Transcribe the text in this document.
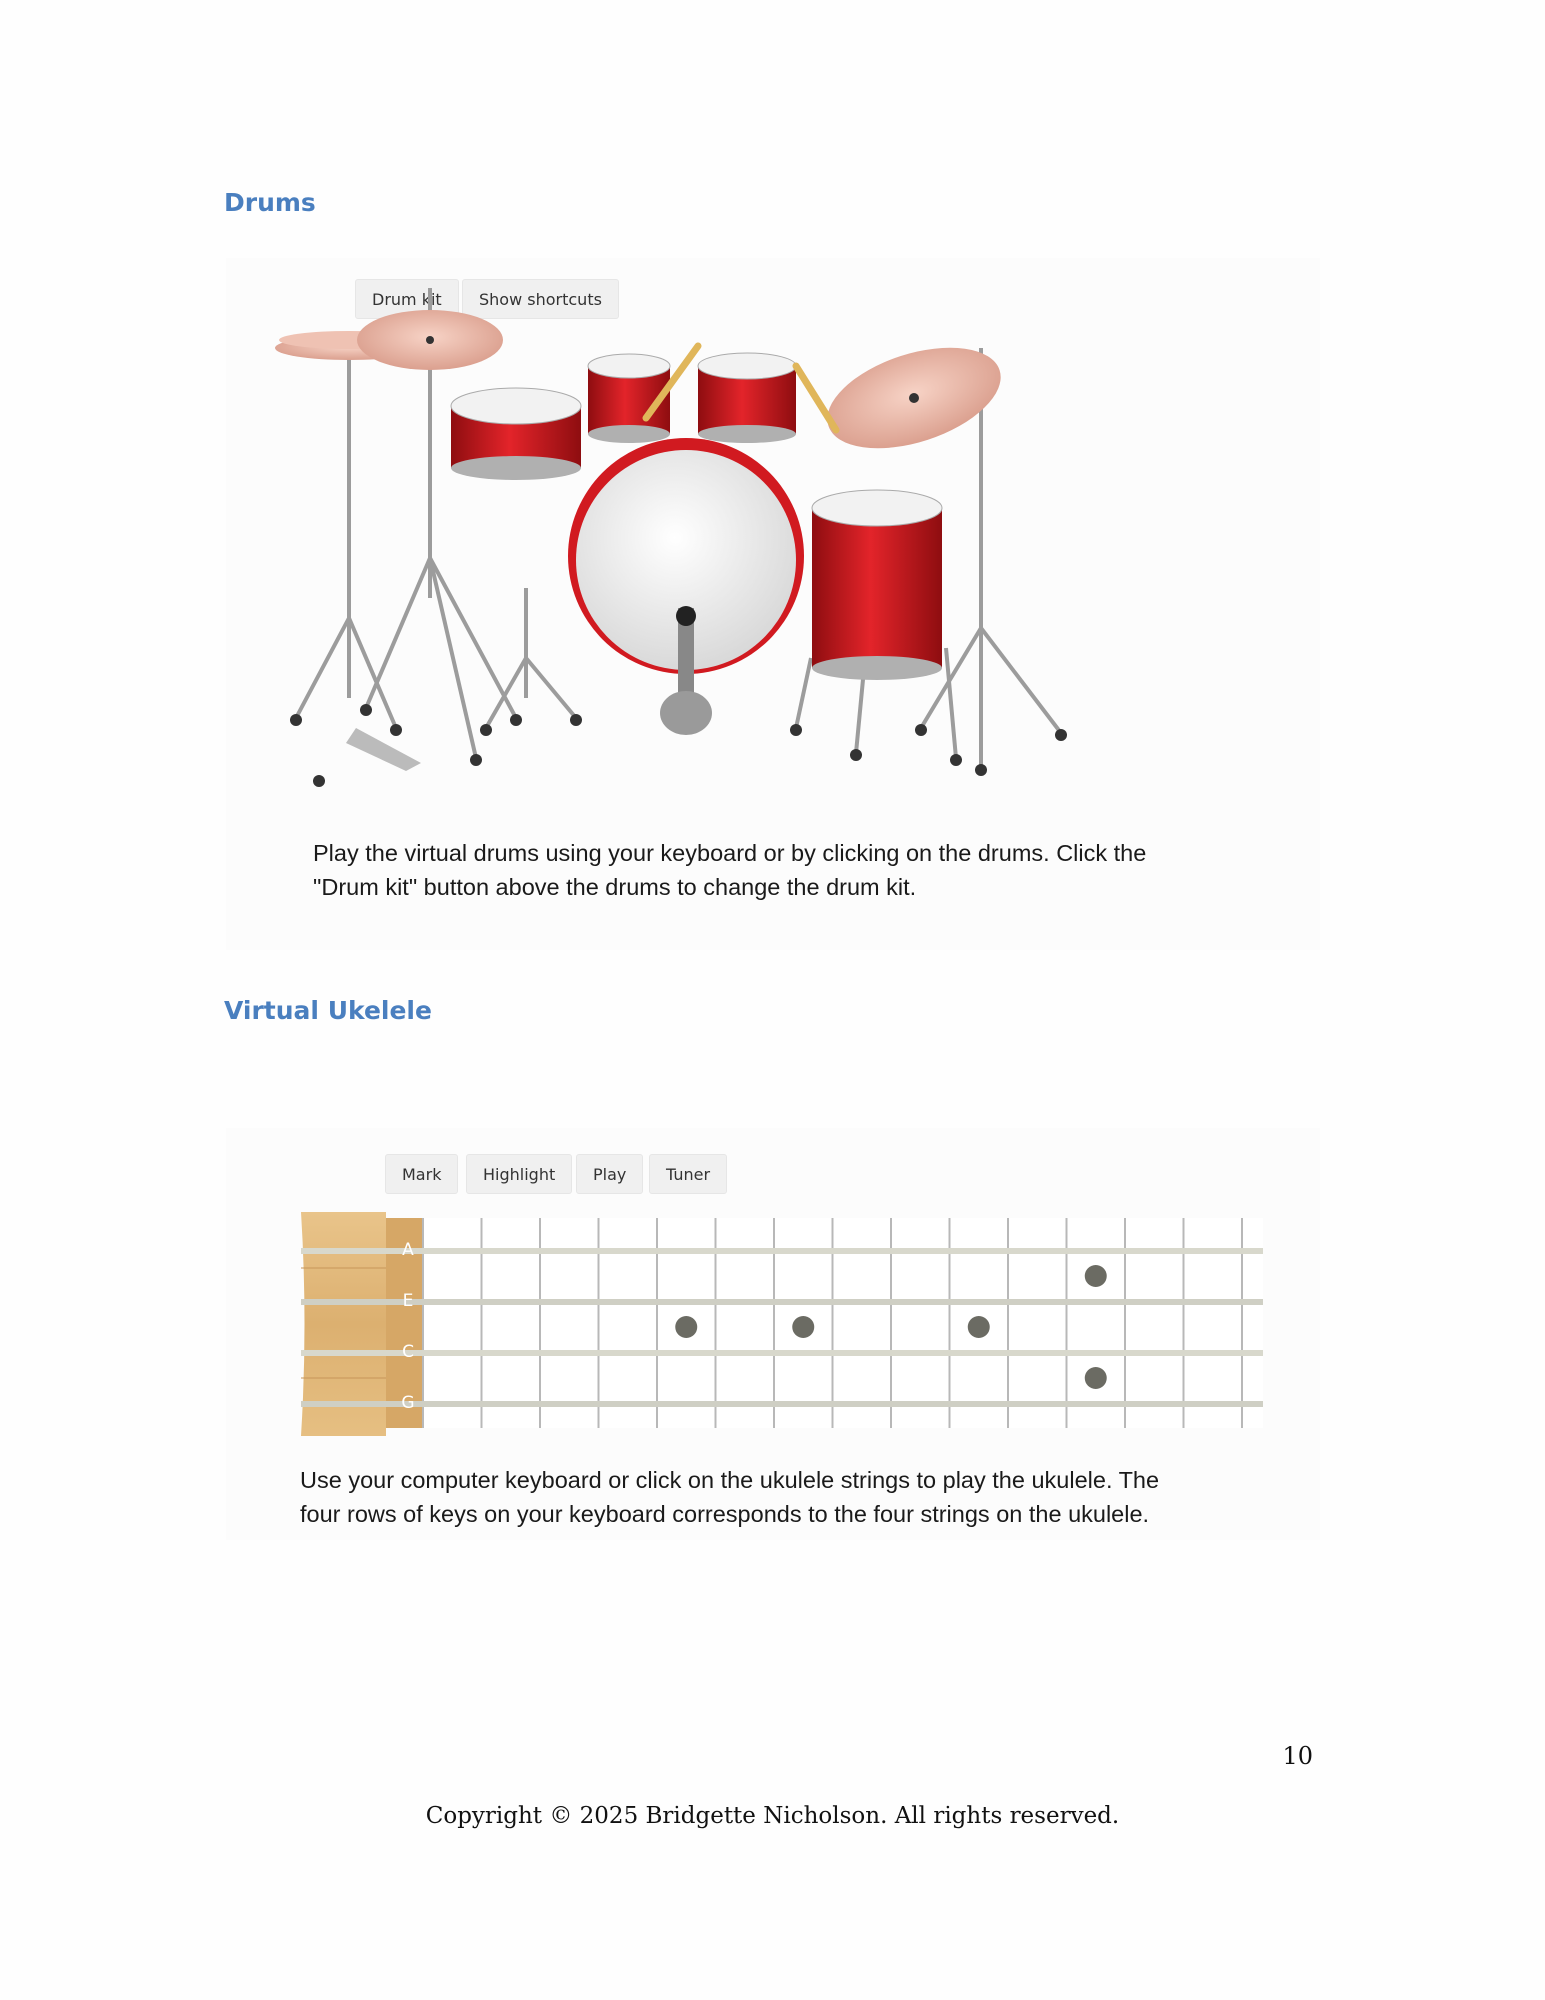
Drums
Drum kit	Show shortcuts

Play the virtual drums using your keyboard or by clicking on the drums. Click the

"Drum kit" button above the drums to change the drum kit.

Virtual Ukelele
Mark	Highlight	Play	Tuner
A
E
C
G

Use your computer keyboard or click on the ukulele strings to play the ukulele. The

four rows of keys on your keyboard corresponds to the four strings on the ukulele.

10
Copyright © 2025 Bridgette Nicholson. All rights reserved.
